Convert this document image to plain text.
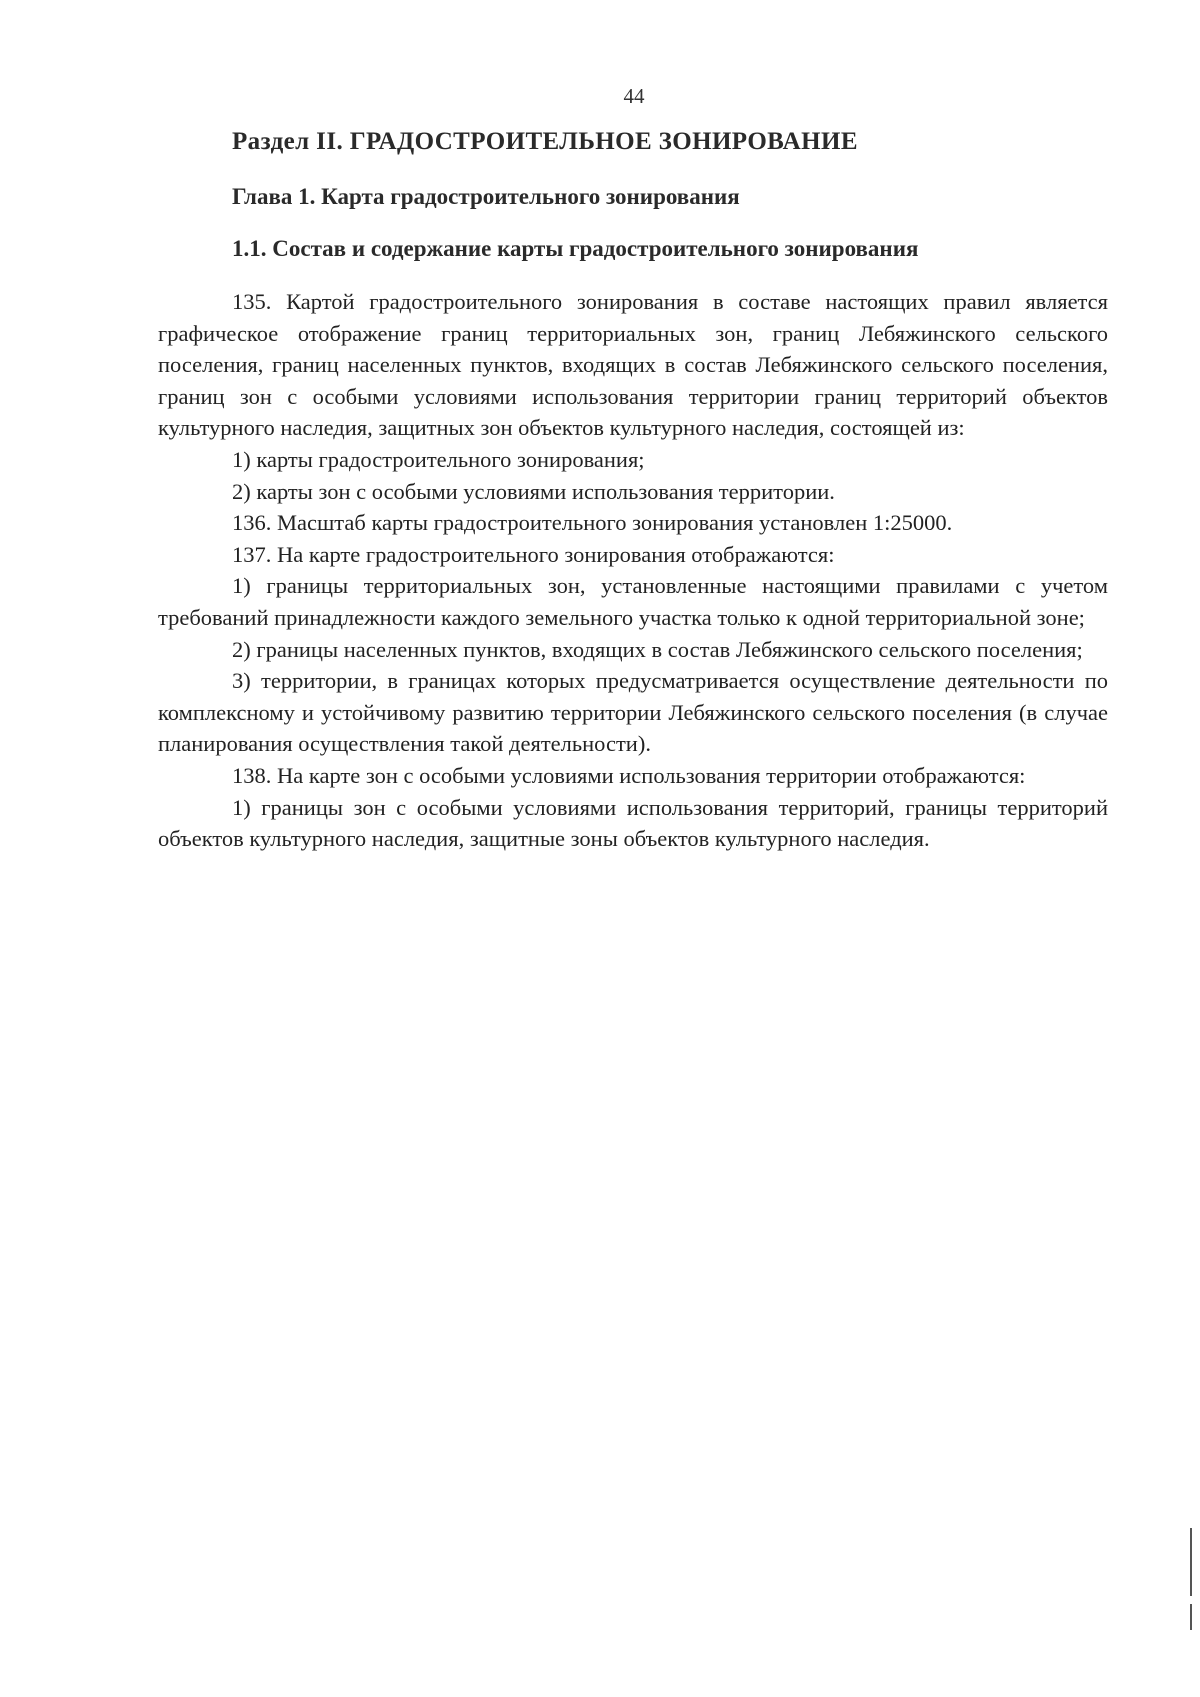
44
Раздел II. ГРАДОСТРОИТЕЛЬНОЕ ЗОНИРОВАНИЕ
Глава 1. Карта градостроительного зонирования
1.1. Состав и содержание карты градостроительного зонирования

135. Картой градостроительного зонирования в составе настоящих правил является графическое отображение границ территориальных зон, границ Лебяжинского сельского поселения, границ населенных пунктов, входящих в состав Лебяжинского сельского поселения, границ зон с особыми условиями использования территории границ территорий объектов культурного наследия, защитных зон объектов культурного наследия, состоящей из:

1) карты градостроительного зонирования;

2) карты зон с особыми условиями использования территории.

136. Масштаб карты градостроительного зонирования установлен 1:25000.

137. На карте градостроительного зонирования отображаются:

1) границы территориальных зон, установленные настоящими правилами с учетом требований принадлежности каждого земельного участка только к одной территориальной зоне;

2) границы населенных пунктов, входящих в состав Лебяжинского сельского поселения;

3) территории, в границах которых предусматривается осуществление деятельности по комплексному и устойчивому развитию территории Лебяжинского сельского поселения (в случае планирования осуществления такой деятельности).

138. На карте зон с особыми условиями использования территории отображаются:

1) границы зон с особыми условиями использования территорий, границы территорий объектов культурного наследия, защитные зоны объектов культурного наследия.
